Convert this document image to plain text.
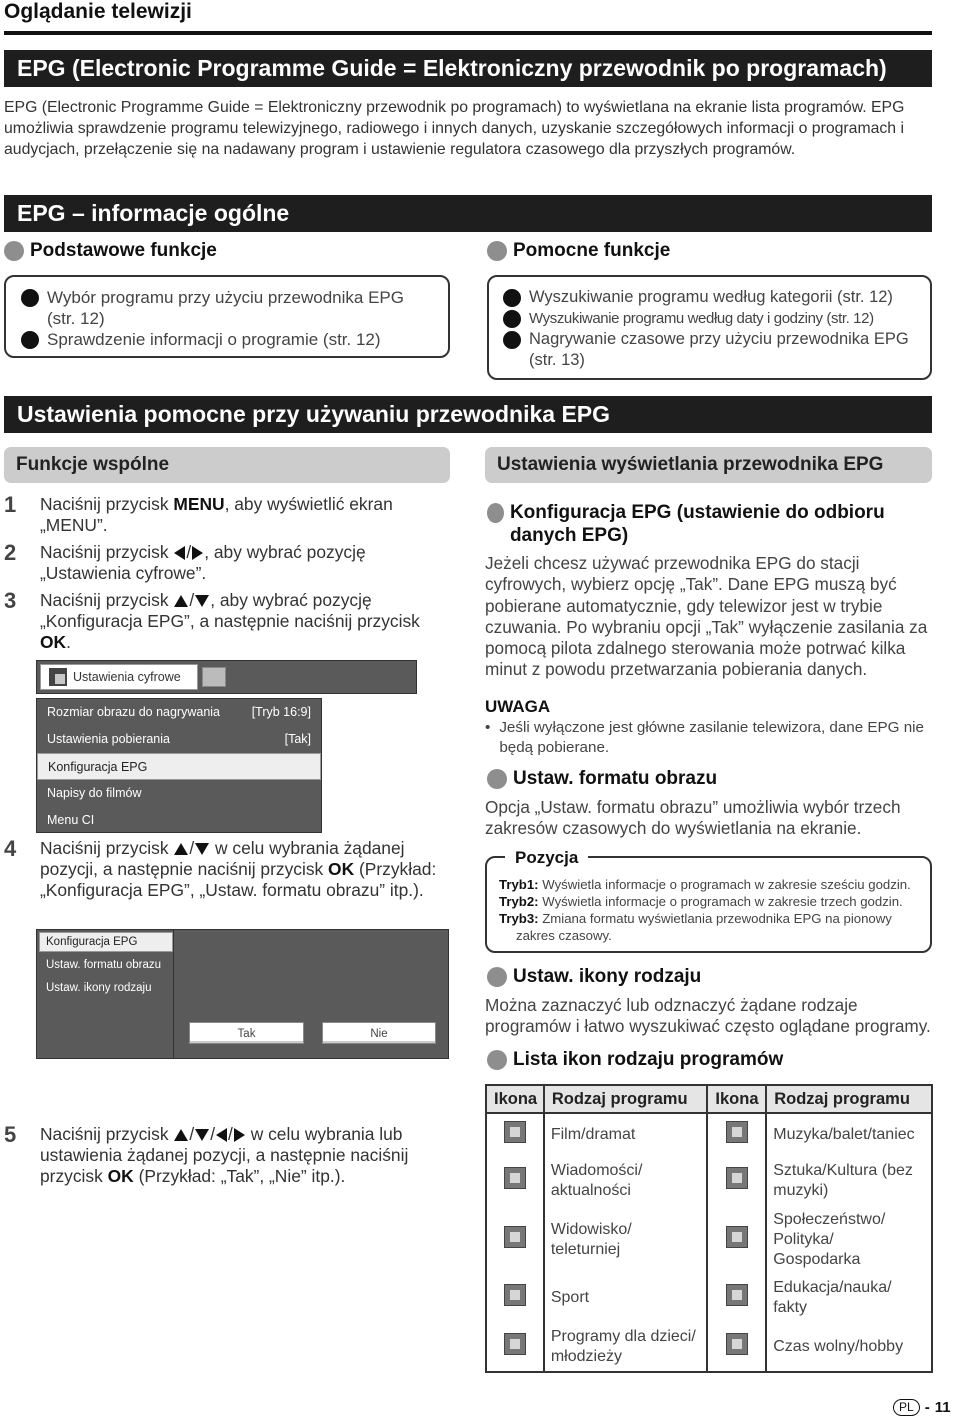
Oglądanie telewizji
EPG (Electronic Programme Guide = Elektroniczny przewodnik po programach)
EPG (Electronic Programme Guide = Elektroniczny przewodnik po programach) to wyświetlana na ekranie lista programów. EPG umożliwia sprawdzenie programu telewizyjnego, radiowego i innych danych, uzyskanie szczegółowych informacji o programach i audycjach, przełączenie się na nadawany program i ustawienie regulatora czasowego dla przyszłych programów.
EPG – informacje ogólne
Podstawowe funkcje
Wybór programu przy użyciu przewodnika EPG (str. 12)
Sprawdzenie informacji o programie (str. 12)
Pomocne funkcje
Wyszukiwanie programu według kategorii (str. 12)
Wyszukiwanie programu według daty i godziny (str. 12)
Nagrywanie czasowe przy użyciu przewodnika EPG (str. 13)
Ustawienia pomocne przy używaniu przewodnika EPG
Funkcje wspólne
1	Naciśnij przycisk MENU, aby wyświetlić ekran „MENU”.
2	Naciśnij przycisk / , aby wybrać pozycję „Ustawienia cyfrowe”.
3	Naciśnij przycisk / , aby wybrać pozycję „Konfiguracja EPG”, a następnie naciśnij przycisk OK.
Ustawienia cyfrowe
Rozmiar obrazu do nagrywania	[Tryb 16:9]
Ustawienia pobierania	[Tak]
Konfiguracja EPG
Napisy do filmów
Menu CI
4	Naciśnij przycisk / w celu wybrania żądanej pozycji, a następnie naciśnij przycisk OK (Przykład: „Konfiguracja EPG”, „Ustaw. formatu obrazu” itp.).
Konfiguracja EPG
Ustaw. formatu obrazu
Ustaw. ikony rodzaju
Tak	Nie
5	Naciśnij przycisk / / / w celu wybrania lub ustawienia żądanej pozycji, a następnie naciśnij przycisk OK (Przykład: „Tak”, „Nie” itp.).
Ustawienia wyświetlania przewodnika EPG
Konfiguracja EPG (ustawienie do odbioru danych EPG)
Jeżeli chcesz używać przewodnika EPG do stacji cyfrowych, wybierz opcję „Tak”. Dane EPG muszą być pobierane automatycznie, gdy telewizor jest w trybie czuwania. Po wybraniu opcji „Tak” wyłączenie zasilania za pomocą pilota zdalnego sterowania może potrwać kilka minut z powodu przetwarzania pobierania danych.
UWAGA
• Jeśli wyłączone jest główne zasilanie telewizora, dane EPG nie będą pobierane.
Ustaw. formatu obrazu
Opcja „Ustaw. formatu obrazu” umożliwia wybór trzech zakresów czasowych do wyświetlania na ekranie.
Pozycja
Tryb1: Wyświetla informacje o programach w zakresie sześciu godzin.
Tryb2: Wyświetla informacje o programach w zakresie trzech godzin.
Tryb3: Zmiana formatu wyświetlania przewodnika EPG na pionowy zakres czasowy.
Ustaw. ikony rodzaju
Można zaznaczyć lub odznaczyć żądane rodzaje programów i łatwo wyszukiwać często oglądane programy.
Lista ikon rodzaju programów
Ikona	Rodzaj programu	Ikona	Rodzaj programu
	Film/dramat		Muzyka/balet/taniec
	Wiadomości/ aktualności		Sztuka/Kultura (bez muzyki)
	Widowisko/ teleturniej		Społeczeństwo/ Polityka/ Gospodarka
	Sport		Edukacja/nauka/ fakty
	Programy dla dzieci/ młodzieży		Czas wolny/hobby
PL - 11
